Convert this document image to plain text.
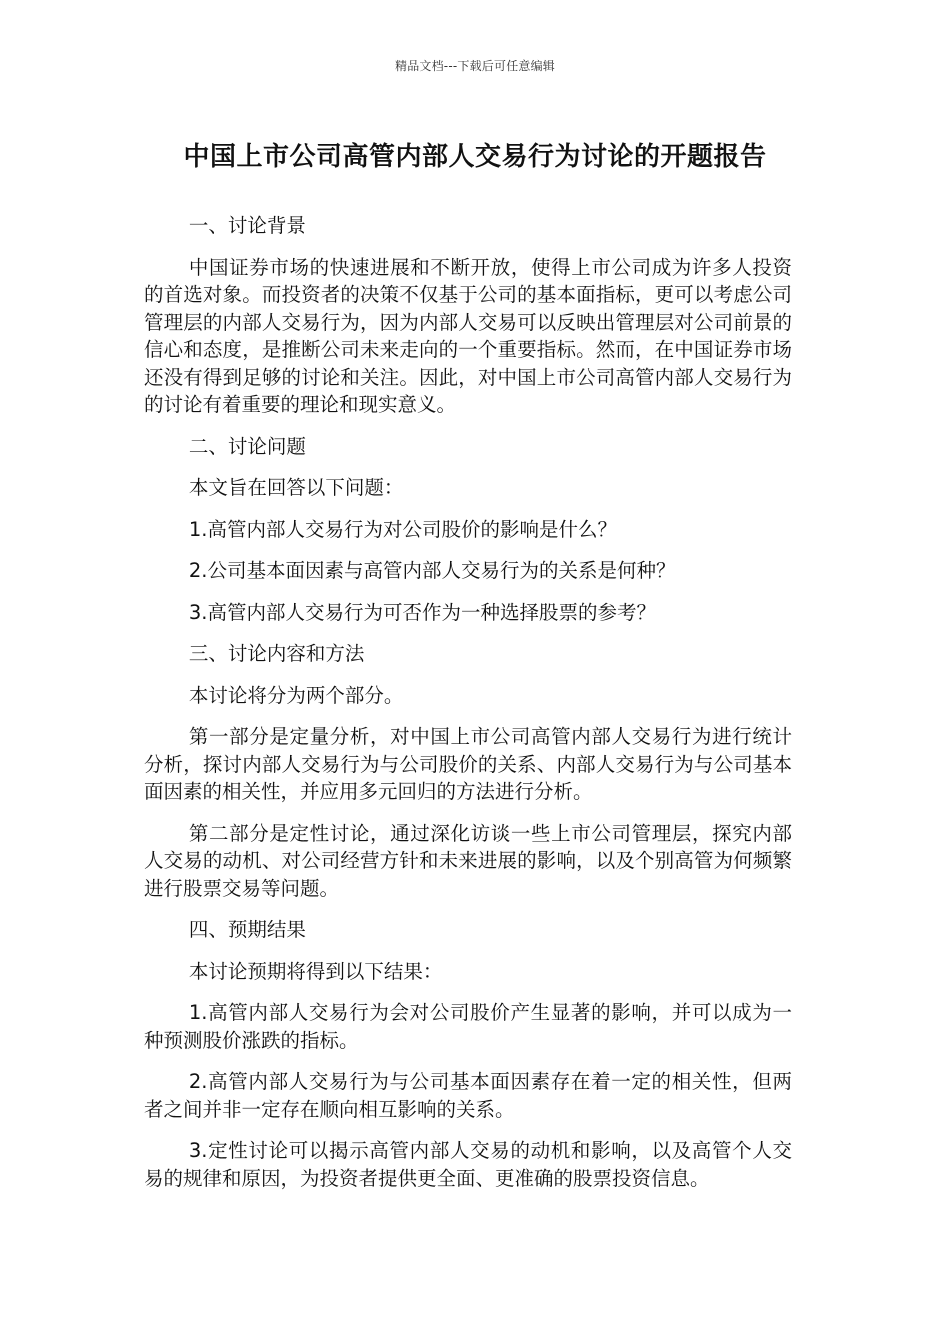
精品文档---下载后可任意编辑
中国上市公司高管内部人交易行为讨论的开题报告

一、讨论背景

中国证券市场的快速进展和不断开放，使得上市公司成为许多人投资的首选对象。而投资者的决策不仅基于公司的基本面指标，更可以考虑公司管理层的内部人交易行为，因为内部人交易可以反映出管理层对公司前景的信心和态度，是推断公司未来走向的一个重要指标。然而，在中国证券市场还没有得到足够的讨论和关注。因此，对中国上市公司高管内部人交易行为的讨论有着重要的理论和现实意义。

二、讨论问题

本文旨在回答以下问题：

1.高管内部人交易行为对公司股价的影响是什么？

2.公司基本面因素与高管内部人交易行为的关系是何种？

3.高管内部人交易行为可否作为一种选择股票的参考？

三、讨论内容和方法

本讨论将分为两个部分。

第一部分是定量分析，对中国上市公司高管内部人交易行为进行统计分析，探讨内部人交易行为与公司股价的关系、内部人交易行为与公司基本面因素的相关性，并应用多元回归的方法进行分析。

第二部分是定性讨论，通过深化访谈一些上市公司管理层，探究内部人交易的动机、对公司经营方针和未来进展的影响，以及个别高管为何频繁进行股票交易等问题。

四、预期结果

本讨论预期将得到以下结果：

1.高管内部人交易行为会对公司股价产生显著的影响，并可以成为一种预测股价涨跌的指标。

2.高管内部人交易行为与公司基本面因素存在着一定的相关性，但两者之间并非一定存在顺向相互影响的关系。

3.定性讨论可以揭示高管内部人交易的动机和影响，以及高管个人交易的规律和原因，为投资者提供更全面、更准确的股票投资信息。
